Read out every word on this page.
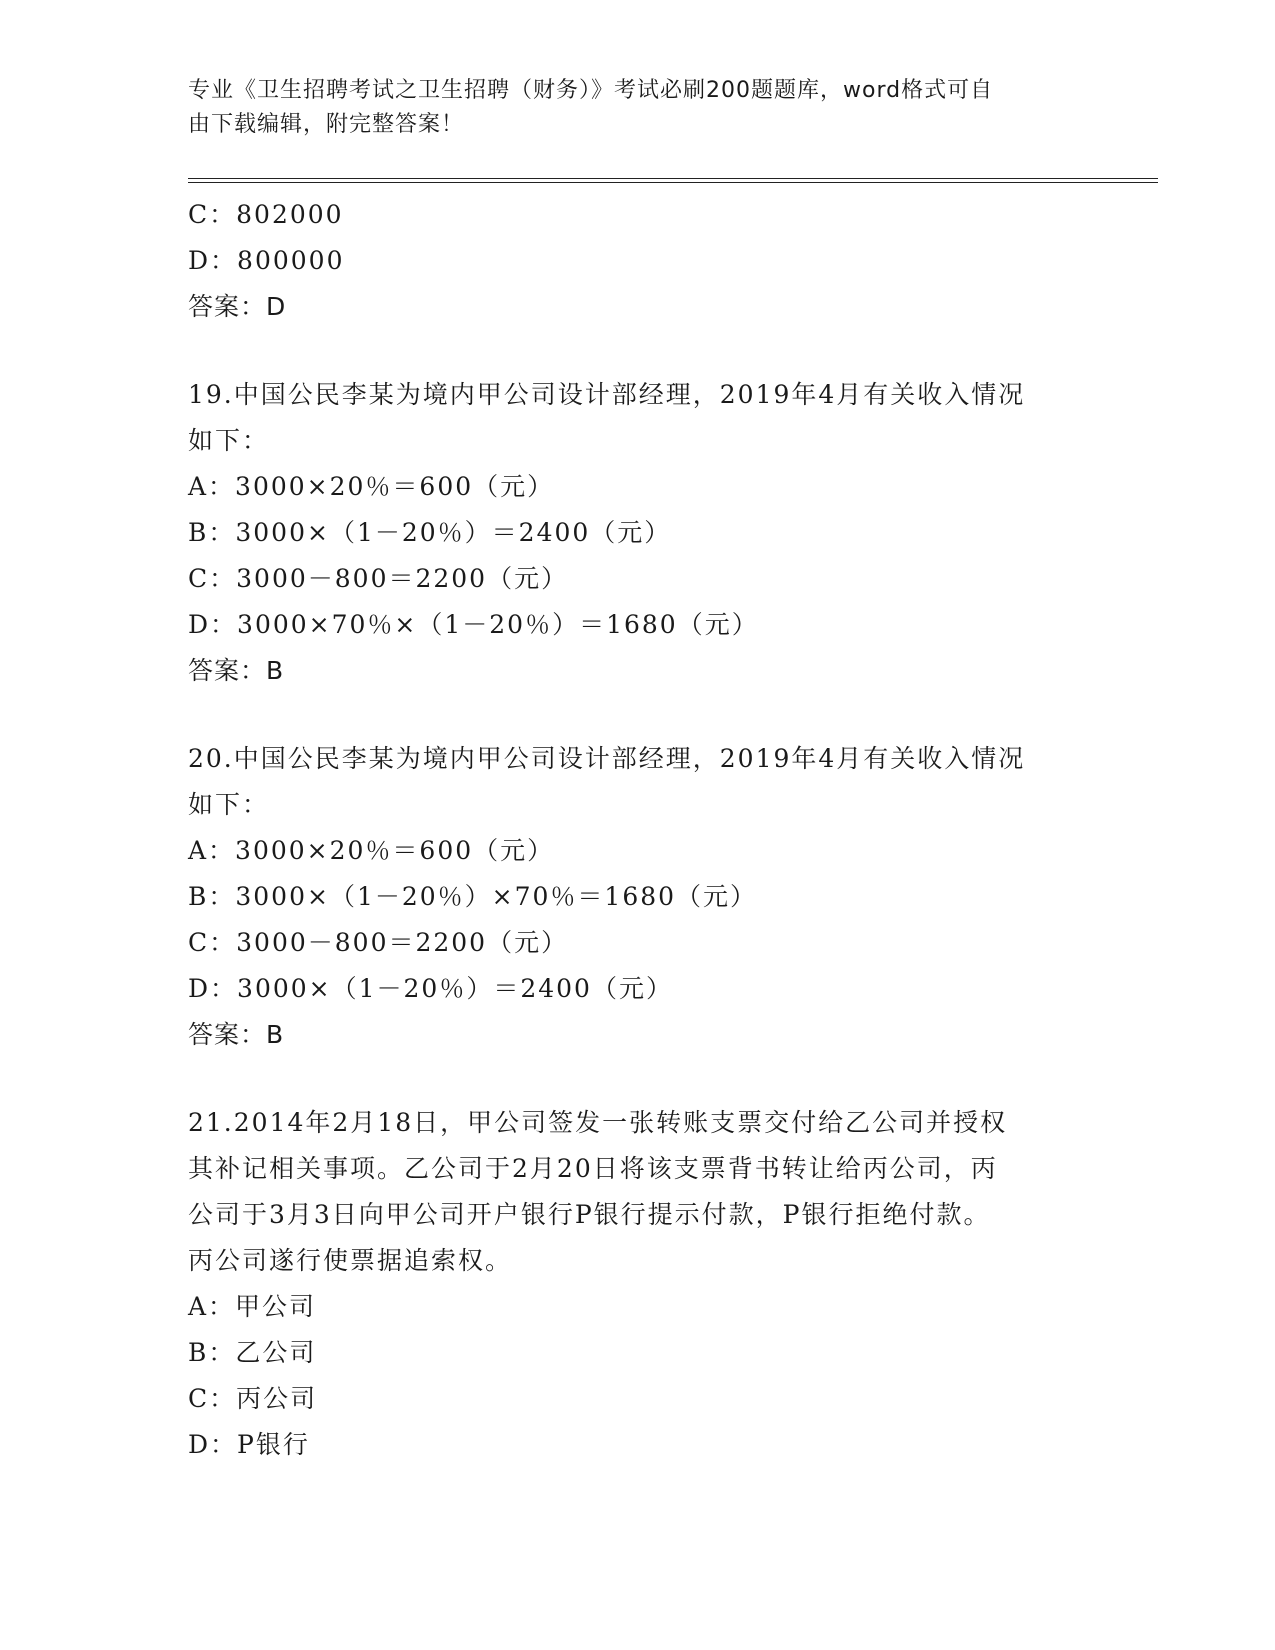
专业《卫生招聘考试之卫生招聘（财务）》考试必刷200题题库，word格式可自
由下载编辑，附完整答案！
C：802000
D：800000
答案：D
19.中国公民李某为境内甲公司设计部经理，2019年4月有关收入情况
如下：
A：3000×20％＝600（元）
B：3000×（1－20％）＝2400（元）
C：3000－800＝2200（元）
D：3000×70％×（1－20％）＝1680（元）
答案：B
20.中国公民李某为境内甲公司设计部经理，2019年4月有关收入情况
如下：
A：3000×20％＝600（元）
B：3000×（1－20％）×70％＝1680（元）
C：3000－800＝2200（元）
D：3000×（1－20％）＝2400（元）
答案：B
21.2014年2月18日，甲公司签发一张转账支票交付给乙公司并授权
其补记相关事项。乙公司于2月20日将该支票背书转让给丙公司，丙
公司于3月3日向甲公司开户银行P银行提示付款，P银行拒绝付款。
丙公司遂行使票据追索权。
A：甲公司
B：乙公司
C：丙公司
D：P银行
